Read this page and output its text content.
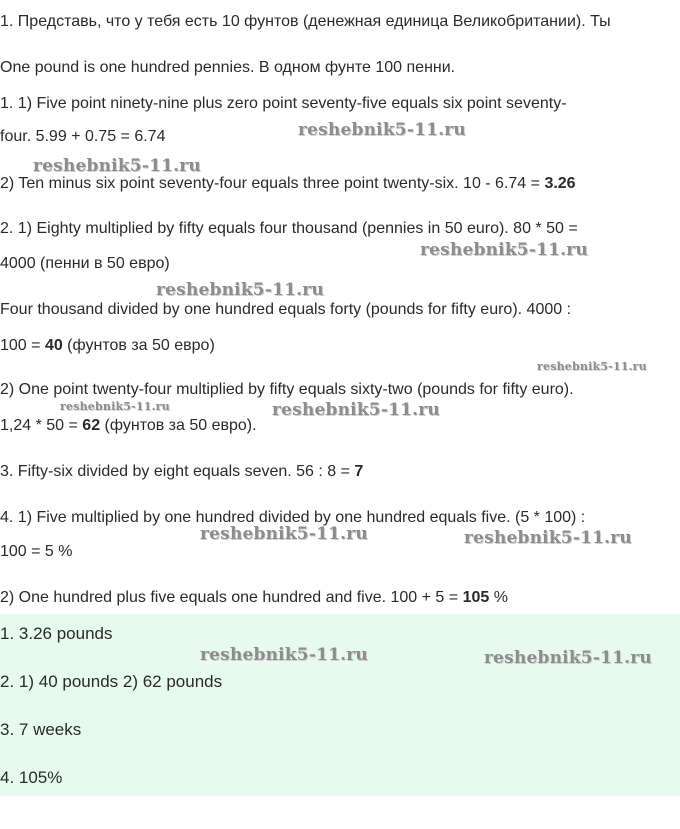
1. Представь, что у тебя есть 10 фунтов (денежная единица Великобритании). Ты

One pound is one hundred pennies. В одном фунте 100 пенни.

1. 1) Five point ninety-nine plus zero point seventy-five equals six point seventy-

four. 5.99 + 0.75 = 6.74

2) Ten minus six point seventy-four equals three point twenty-six. 10 - 6.74 = 3.26

2. 1) Eighty multiplied by fifty equals four thousand (pennies in 50 euro). 80 * 50 =

4000 (пенни в 50 евро)

Four thousand divided by one hundred equals forty (pounds for fifty euro). 4000 :

100 = 40 (фунтов за 50 евро)

2) One point twenty-four multiplied by fifty equals sixty-two (pounds for fifty euro).

1,24 * 50 = 62 (фунтов за 50 евро).

3. Fifty-six divided by eight equals seven. 56 : 8 = 7

4. 1) Five multiplied by one hundred divided by one hundred equals five. (5 * 100) :

100 = 5 %

2) One hundred plus five equals one hundred and five. 100 + 5 = 105 %

1. 3.26 pounds

2. 1) 40 pounds 2) 62 pounds

3. 7 weeks

4. 105%

reshebnik5-11.ru
reshebnik5-11.ru
reshebnik5-11.ru
reshebnik5-11.ru
reshebnik5-11.ru
reshebnik5-11.ru	reshebnik5-11.ru
reshebnik5-11.ru	reshebnik5-11.ru
reshebnik5-11.ru	reshebnik5-11.ru
